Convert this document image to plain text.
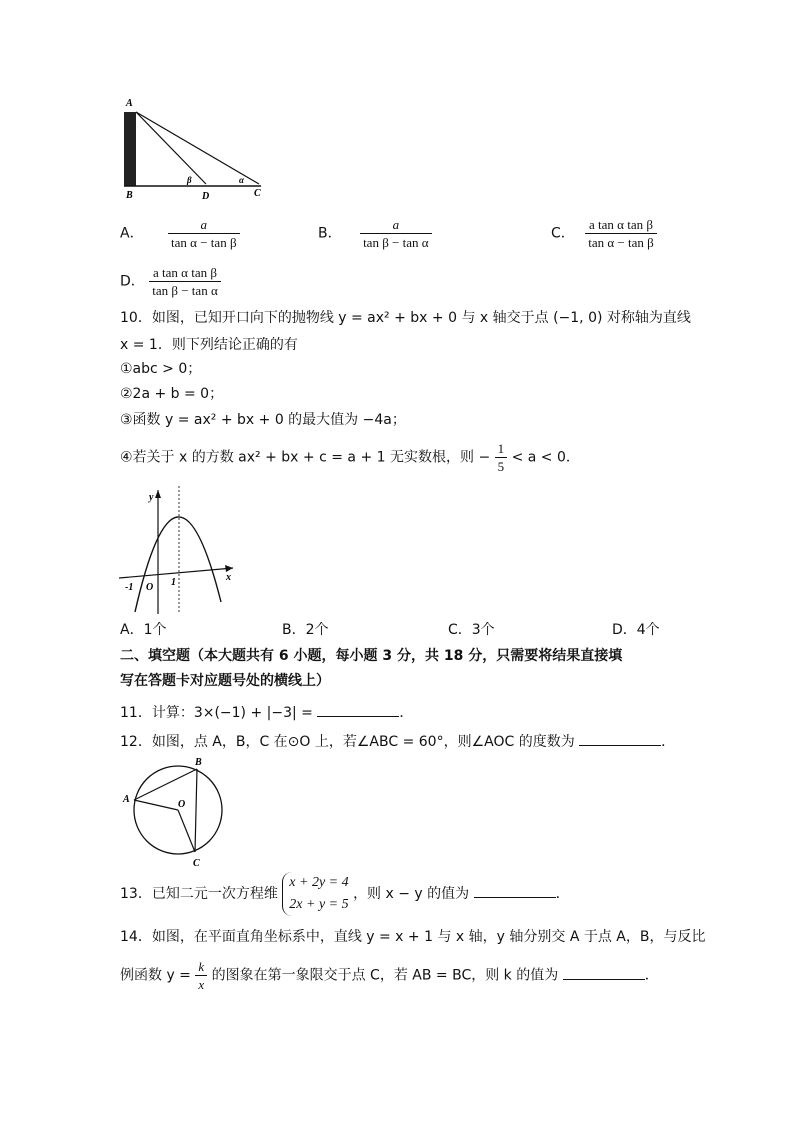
A
B	D	C
α
β
A． $\frac{a}{\text{tan α − tan β}}$	B． $\frac{a}{\text{tan β − tan α}}$	C． $\frac{\text{a tan α tan β}}{\text{tan α − tan β}}$
D． $\frac{\text{a tan α tan β}}{\text{tan β − tan α}}$
10．如图，已知开口向下的抛物线 y = ax² + bx + 0 与 x 轴交于点 (−1, 0) 对称轴为直线
x = 1．则下列结论正确的有
①abc > 0；
②2a + b = 0；
③函数 y = ax² + bx + 0 的最大值为 −4a；
④若关于 x 的方数 ax² + bx + c = a + 1 无实数根，则 − $\frac{1}{5} < a < 0$．
y
x
O
-1	1
A．1个	B．2个	C．3个	D．4个
二、填空题（本大题共有 6 小题，每小题 3 分，共 18 分，只需要将结果直接填
写在答题卡对应题号处的横线上）
11．计算：3×(−1) + |−3| =	．
12．如图，点 A，B，C 在⊙O 上，若∠ABC = 60°，则∠AOC 的度数为	．
A
B
C
O
13．已知二元一次方程维
x + 2y = 4
2x + y = 5
，则 x − y 的值为	．
14．如图，在平面直角坐标系中，直线 y = x + 1 与 x 轴，y 轴分别交 A 于点 A，B，与反比
例函数 $y = \frac{k}{x}$ 的图象在第一象限交于点 C，若 AB = BC，则 k 的值为	．
